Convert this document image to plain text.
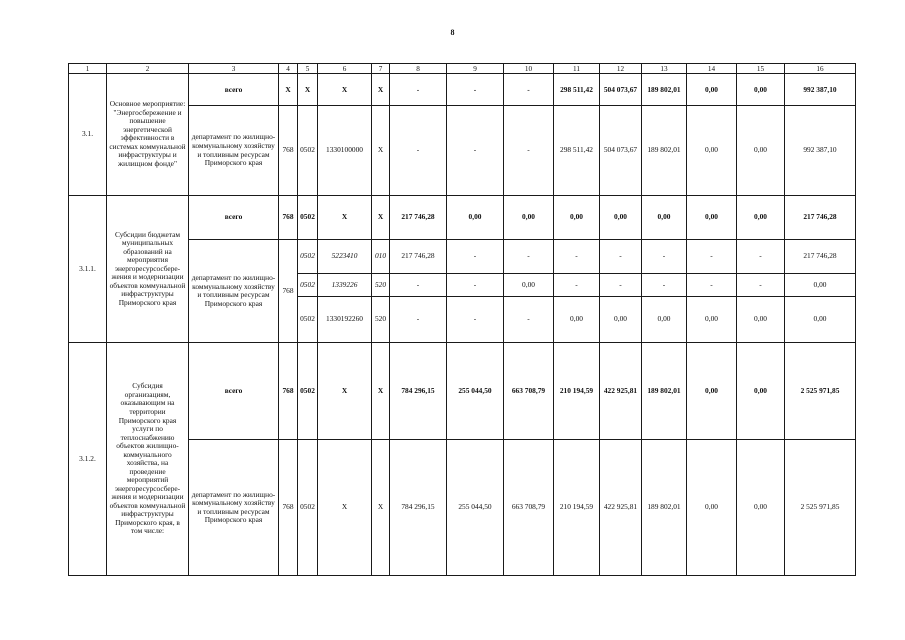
8
1	2	3	4	5	6	7	8	9	10	11	12	13	14	15	16
3.1.	Основное мероприятие: "Энергосбережение и повышение энергетической эффективности в системах коммунальной инфраструктуры и жилищном фонде"	всего	X	X	X	X	-	-	-	298 511,42	504 073,67	189 802,01	0,00	0,00	992 387,10
		департамент по жилищно-коммунальному хозяйству и топливным ресурсам Приморского края	768	0502	1330100000	X	-	-	-	298 511,42	504 073,67	189 802,01	0,00	0,00	992 387,10
3.1.1.	Субсидии бюджетам муниципальных образований на мероприятия энергоресурсосбере-жения и модернизации объектов коммунальной инфраструктуры Приморского края	всего	768	0502	X	X	217 746,28	0,00	0,00	0,00	0,00	0,00	0,00	0,00	217 746,28
		департамент по жилищно-коммунальному хозяйству и топливным ресурсам Приморского края	768	0502	5223410	010	217 746,28	-	-	-	-	-	-	-	217 746,28
				0502	1339226	520	-	-	0,00	-	-	-	-	-	0,00
				0502	1330192260	520	-	-	-	0,00	0,00	0,00	0,00	0,00	0,00
3.1.2.	Субсидия организациям, оказывающим на территории Приморского края услуги по теплоснабжению объектов жилищно-коммунального хозяйства, на проведение мероприятий энергоресурсосбере-жения и модернизации объектов коммунальной инфраструктуры Приморского края, в том числе:	всего	768	0502	X	X	784 296,15	255 044,50	663 708,79	210 194,59	422 925,81	189 802,01	0,00	0,00	2 525 971,85
		департамент по жилищно-коммунальному хозяйству и топливным ресурсам Приморского края	768	0502	X	X	784 296,15	255 044,50	663 708,79	210 194,59	422 925,81	189 802,01	0,00	0,00	2 525 971,85
